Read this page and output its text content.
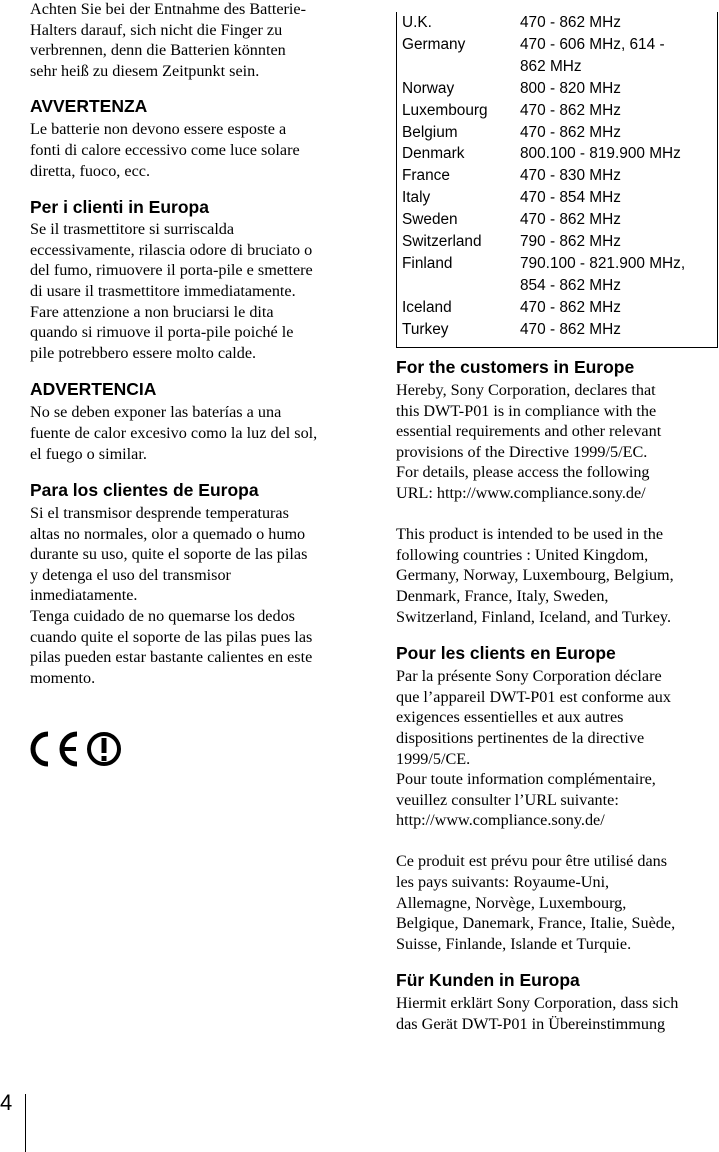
Achten Sie bei der Entnahme des Batterie-
Halters darauf, sich nicht die Finger zu
verbrennen, denn die Batterien könnten
sehr heiß zu diesem Zeitpunkt sein.

AVVERTENZA

Le batterie non devono essere esposte a
fonti di calore eccessivo come luce solare
diretta, fuoco, ecc.

Per i clienti in Europa

Se il trasmettitore si surriscalda
eccessivamente, rilascia odore di bruciato o
del fumo, rimuovere il porta-pile e smettere
di usare il trasmettitore immediatamente.
Fare attenzione a non bruciarsi le dita
quando si rimuove il porta-pile poiché le
pile potrebbero essere molto calde.

ADVERTENCIA

No se deben exponer las baterías a una
fuente de calor excesivo como la luz del sol,
el fuego o similar.

Para los clientes de Europa

Si el transmisor desprende temperaturas
altas no normales, olor a quemado o humo
durante su uso, quite el soporte de las pilas
y detenga el uso del transmisor
inmediatamente.
Tenga cuidado de no quemarse los dedos
cuando quite el soporte de las pilas pues las
pilas pueden estar bastante calientes en este
momento.

U.K.	470 - 862 MHz
Germany	470 - 606 MHz, 614 -
862 MHz
Norway	800 - 820 MHz
Luxembourg	470 - 862 MHz
Belgium	470 - 862 MHz
Denmark	800.100 - 819.900 MHz
France	470 - 830 MHz
Italy	470 - 854 MHz
Sweden	470 - 862 MHz
Switzerland	790 - 862 MHz
Finland	790.100 - 821.900 MHz,
854 - 862 MHz
Iceland	470 - 862 MHz
Turkey	470 - 862 MHz

For the customers in Europe

Hereby, Sony Corporation, declares that
this DWT-P01 is in compliance with the
essential requirements and other relevant
provisions of the Directive 1999/5/EC.
For details, please access the following
URL: http://www.compliance.sony.de/

This product is intended to be used in the
following countries : United Kingdom,
Germany, Norway, Luxembourg, Belgium,
Denmark, France, Italy, Sweden,
Switzerland, Finland, Iceland, and Turkey.

Pour les clients en Europe

Par la présente Sony Corporation déclare
que l’appareil DWT-P01 est conforme aux
exigences essentielles et aux autres
dispositions pertinentes de la directive
1999/5/CE.
Pour toute information complémentaire,
veuillez consulter l’URL suivante:
http://www.compliance.sony.de/

Ce produit est prévu pour être utilisé dans
les pays suivants: Royaume-Uni,
Allemagne, Norvège, Luxembourg,
Belgique, Danemark, France, Italie, Suède,
Suisse, Finlande, Islande et Turquie.

Für Kunden in Europa

Hiermit erklärt Sony Corporation, dass sich
das Gerät DWT-P01 in Übereinstimmung

4
